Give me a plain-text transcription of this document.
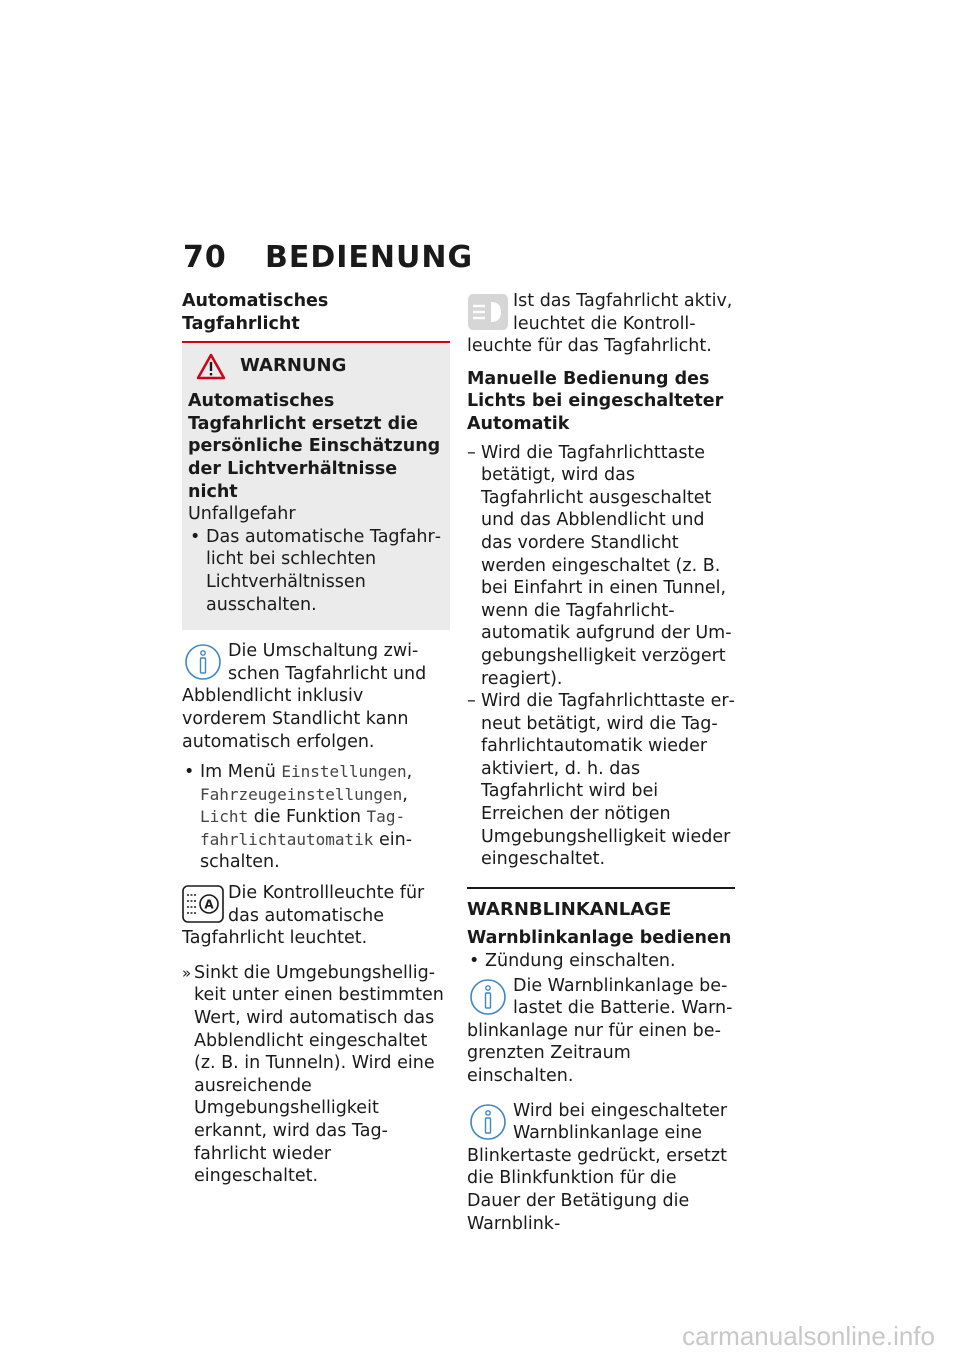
70 BEDIENUNG
Automatisches Tagfahrlicht
WARNUNG
Automatisches Tagfahrlicht ersetzt die persönliche Einschätzung der Lichtverhältnisse nicht
Unfallgefahr
• Das automatische Tagfahrlicht bei schlechten Lichtverhältnissen ausschalten.
Die Umschaltung zwischen Tagfahrlicht und Abblendlicht inklusiv vorderem Standlicht kann automatisch erfolgen.
• Im Menü Einstellungen, Fahrzeugeinstellungen, Licht die Funktion Tagfahrlichtautomatik einschalten.
A
Die Kontrollleuchte für das automatische Tagfahrlicht leuchtet.
» Sinkt die Umgebungshelligkeit unter einen bestimmten Wert, wird automatisch das Abblendlicht eingeschaltet (z. B. in Tunneln). Wird eine ausreichende Umgebungshelligkeit erkannt, wird das Tagfahrlicht wieder eingeschaltet.
Ist das Tagfahrlicht aktiv, leuchtet die Kontrollleuchte für das Tagfahrlicht.
Manuelle Bedienung des Lichts bei eingeschalteter Automatik
– Wird die Tagfahrlichttaste betätigt, wird das Tagfahrlicht ausgeschaltet und das Abblendlicht und das vordere Standlicht werden eingeschaltet (z. B. bei Einfahrt in einen Tunnel, wenn die Tagfahrlichtautomatik aufgrund der Umgebungshelligkeit verzögert reagiert).
– Wird die Tagfahrlichttaste erneut betätigt, wird die Tagfahrlichtautomatik wieder aktiviert, d. h. das Tagfahrlicht wird bei Erreichen der nötigen Umgebungshelligkeit wieder eingeschaltet.
WARNBLINKANLAGE
Warnblinkanlage bedienen
• Zündung einschalten.
Die Warnblinkanlage belastet die Batterie. Warnblinkanlage nur für einen begrenzten Zeitraum einschalten.
Wird bei eingeschalteter Warnblinkanlage eine Blinkertaste gedrückt, ersetzt die Blinkfunktion für die Dauer der Betätigung die Warnblink-
carmanualsonline.info
